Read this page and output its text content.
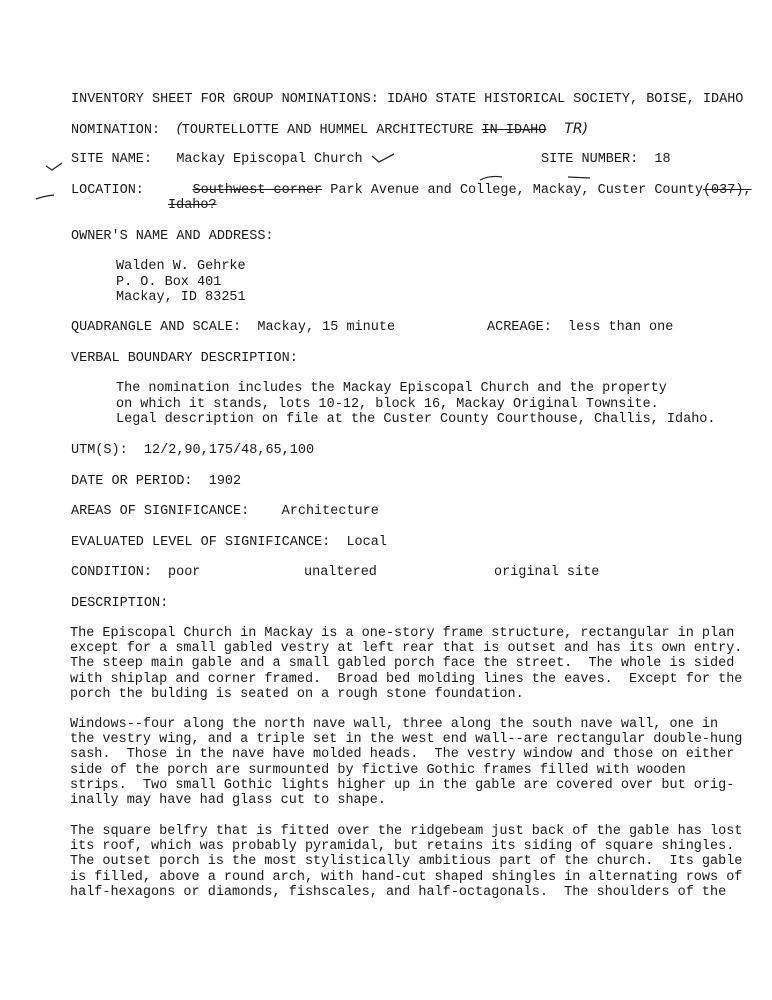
INVENTORY SHEET FOR GROUP NOMINATIONS: IDAHO STATE HISTORICAL SOCIETY, BOISE, IDAHO
NOMINATION: (TOURTELLOTTE AND HUMMEL ARCHITECTURE IN IDAHO TR)
SITE NAME: Mackay Episcopal Church	SITE NUMBER: 18
LOCATION:	Southwest corner Park Avenue and College, Mackay, Custer County(037),
Idaho?
OWNER'S NAME AND ADDRESS:
Walden W. Gehrke
P. O. Box 401
Mackay, ID 83251
QUADRANGLE AND SCALE: Mackay, 15 minute	ACREAGE: less than one
VERBAL BOUNDARY DESCRIPTION:
The nomination includes the Mackay Episcopal Church and the property
on which it stands, lots 10-12, block 16, Mackay Original Townsite.
Legal description on file at the Custer County Courthouse, Challis, Idaho.
UTM(S): 12/2,90,175/48,65,100
DATE OR PERIOD: 1902
AREAS OF SIGNIFICANCE: Architecture
EVALUATED LEVEL OF SIGNIFICANCE: Local
CONDITION: poor	unaltered	original site
DESCRIPTION:
The Episcopal Church in Mackay is a one-story frame structure, rectangular in plan
except for a small gabled vestry at left rear that is outset and has its own entry.
The steep main gable and a small gabled porch face the street.  The whole is sided
with shiplap and corner framed.  Broad bed molding lines the eaves.  Except for the
porch the bulding is seated on a rough stone foundation.
Windows--four along the north nave wall, three along the south nave wall, one in
the vestry wing, and a triple set in the west end wall--are rectangular double-hung
sash.  Those in the nave have molded heads.  The vestry window and those on either
side of the porch are surmounted by fictive Gothic frames filled with wooden
strips.  Two small Gothic lights higher up in the gable are covered over but orig-
inally may have had glass cut to shape.
The square belfry that is fitted over the ridgebeam just back of the gable has lost
its roof, which was probably pyramidal, but retains its siding of square shingles.
The outset porch is the most stylistically ambitious part of the church.  Its gable
is filled, above a round arch, with hand-cut shaped shingles in alternating rows of
half-hexagons or diamonds, fishscales, and half-octagonals.  The shoulders of the
